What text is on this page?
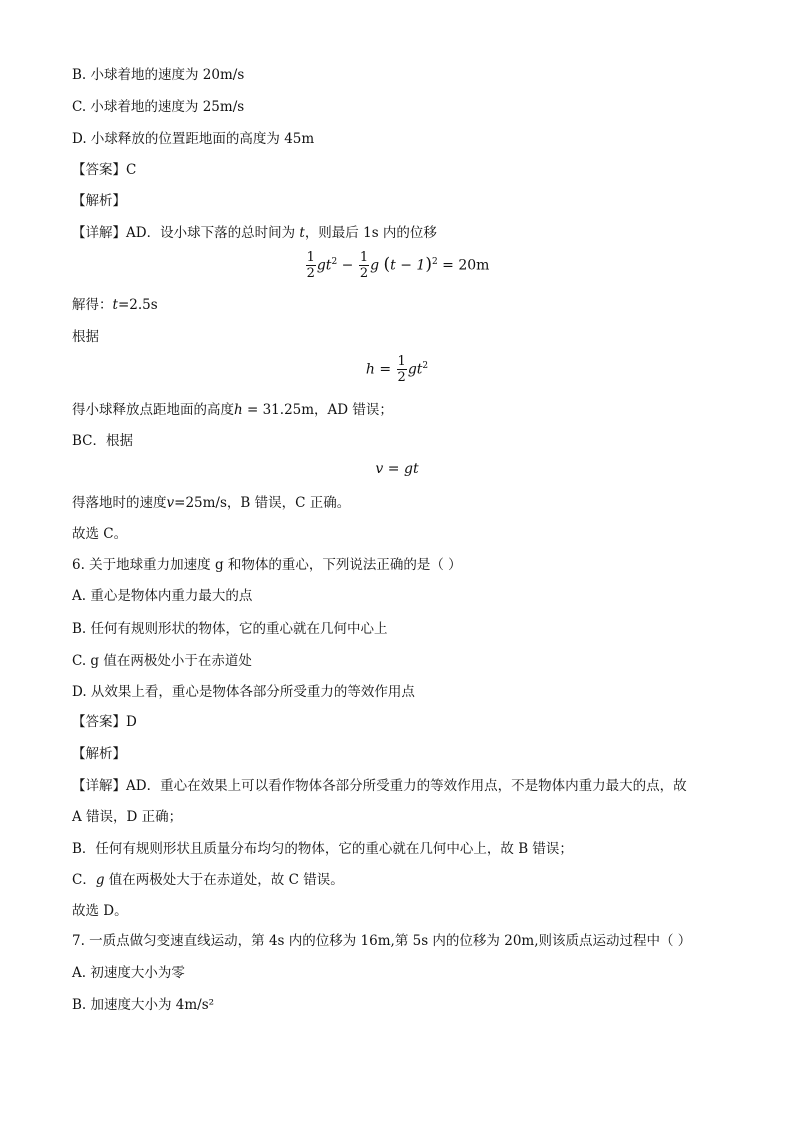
B. 小球着地的速度为 20m/s
C. 小球着地的速度为 25m/s
D. 小球释放的位置距地面的高度为 45m
【答案】C
【解析】
【详解】AD．设小球下落的总时间为 t，则最后 1s 内的位移
$\frac{1}{2} gt^2 - \frac{1}{2}$ g $(t - 1)^2 = 20m$
解得：t=2.5s
根据
$h = \frac{1}{2} gt^2$
得小球释放点距地面的高度h = 31.25m，AD 错误；
BC．根据
v = gt
得落地时的速度v=25m/s，B 错误，C 正确。
故选 C。
6. 关于地球重力加速度 g 和物体的重心，下列说法正确的是（ ）
A. 重心是物体内重力最大的点
B. 任何有规则形状的物体，它的重心就在几何中心上
C. g 值在两极处小于在赤道处
D. 从效果上看，重心是物体各部分所受重力的等效作用点
【答案】D
【解析】
【详解】AD．重心在效果上可以看作物体各部分所受重力的等效作用点，不是物体内重力最大的点，故
A 错误，D 正确；
B．任何有规则形状且质量分布均匀的物体，它的重心就在几何中心上，故 B 错误；
C．g 值在两极处大于在赤道处，故 C 错误。
故选 D。
7. 一质点做匀变速直线运动，第 4s 内的位移为 16m,第 5s 内的位移为 20m,则该质点运动过程中（ ）
A. 初速度大小为零
B. 加速度大小为 4m/s²
